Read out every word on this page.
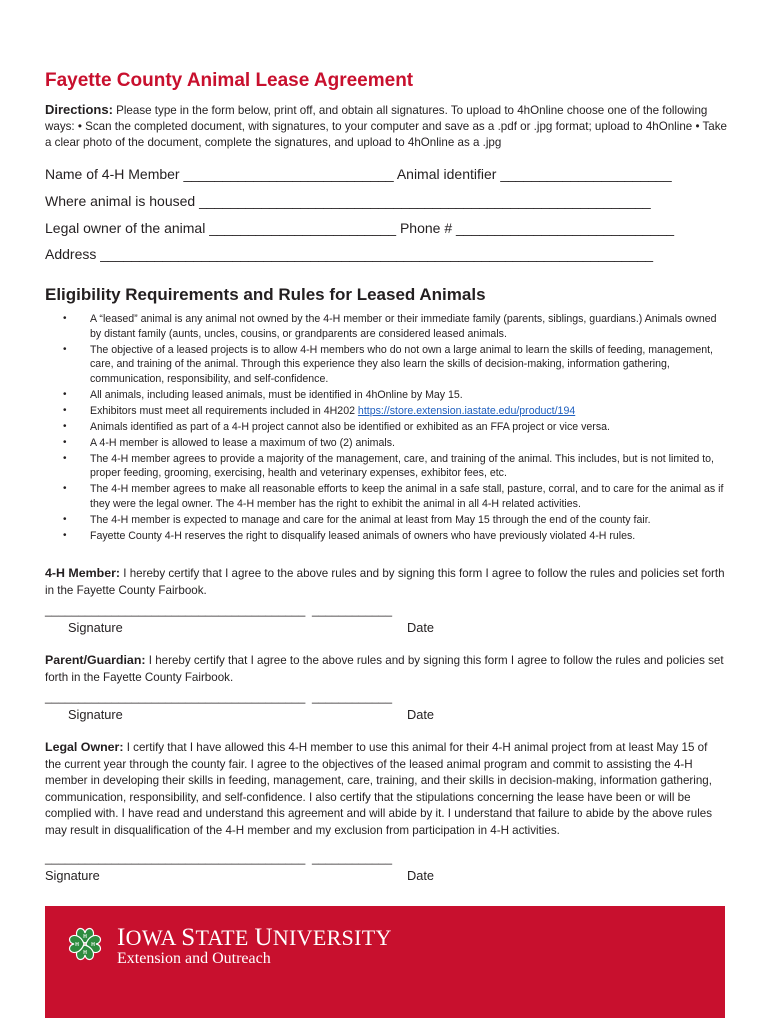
Fayette County Animal Lease Agreement
Directions: Please type in the form below, print off, and obtain all signatures. To upload to 4hOnline choose one of the following ways: • Scan the completed document, with signatures, to your computer and save as a .pdf or .jpg format; upload to 4hOnline • Take a clear photo of the document, complete the signatures, and upload to 4hOnline as a .jpg
Name of 4-H Member ___________________________ Animal identifier ______________________
Where animal is housed __________________________________________________________
Legal owner of the animal ________________________ Phone # ____________________________
Address _______________________________________________________________________
Eligibility Requirements and Rules for Leased Animals
• A “leased” animal is any animal not owned by the 4-H member or their immediate family (parents, siblings, guardians.) Animals owned by distant family (aunts, uncles, cousins, or grandparents are considered leased animals.
• The objective of a leased projects is to allow 4-H members who do not own a large animal to learn the skills of feeding, management, care, and training of the animal. Through this experience they also learn the skills of decision-making, information gathering, communication, responsibility, and self-confidence.
• All animals, including leased animals, must be identified in 4hOnline by May 15.
• Exhibitors must meet all requirements included in 4H202 https://store.extension.iastate.edu/product/194
• Animals identified as part of a 4-H project cannot also be identified or exhibited as an FFA project or vice versa.
• A 4-H member is allowed to lease a maximum of two (2) animals.
• The 4-H member agrees to provide a majority of the management, care, and training of the animal. This includes, but is not limited to, proper feeding, grooming, exercising, health and veterinary expenses, exhibitor fees, etc.
• The 4-H member agrees to make all reasonable efforts to keep the animal in a safe stall, pasture, corral, and to care for the animal as if they were the legal owner. The 4-H member has the right to exhibit the animal in all 4-H related activities.
• The 4-H member is expected to manage and care for the animal at least from May 15 through the end of the county fair.
• Fayette County 4-H reserves the right to disqualify leased animals of owners who have previously violated 4-H rules.
4-H Member: I hereby certify that I agree to the above rules and by signing this form I agree to follow the rules and policies set forth in the Fayette County Fairbook.
_______________________________________  ____________
Signature	Date
Parent/Guardian: I hereby certify that I agree to the above rules and by signing this form I agree to follow the rules and policies set forth in the Fayette County Fairbook.
_______________________________________  ____________
Signature	Date
Legal Owner: I certify that I have allowed this 4-H member to use this animal for their 4-H animal project from at least May 15 of the current year through the county fair. I agree to the objectives of the leased animal program and commit to assisting the 4-H member in developing their skills in feeding, management, care, training, and their skills in decision-making, information gathering, communication, responsibility, and self-confidence. I also certify that the stipulations concerning the lease have been or will be complied with. I have read and understand this agreement and will abide by it. I understand that failure to abide by the above rules may result in disqualification of the 4-H member and my exclusion from participation in 4-H activities.
_______________________________________  ____________
Signature	Date
H
H
H
H IOWA STATE UNIVERSITY
Extension and Outreach
